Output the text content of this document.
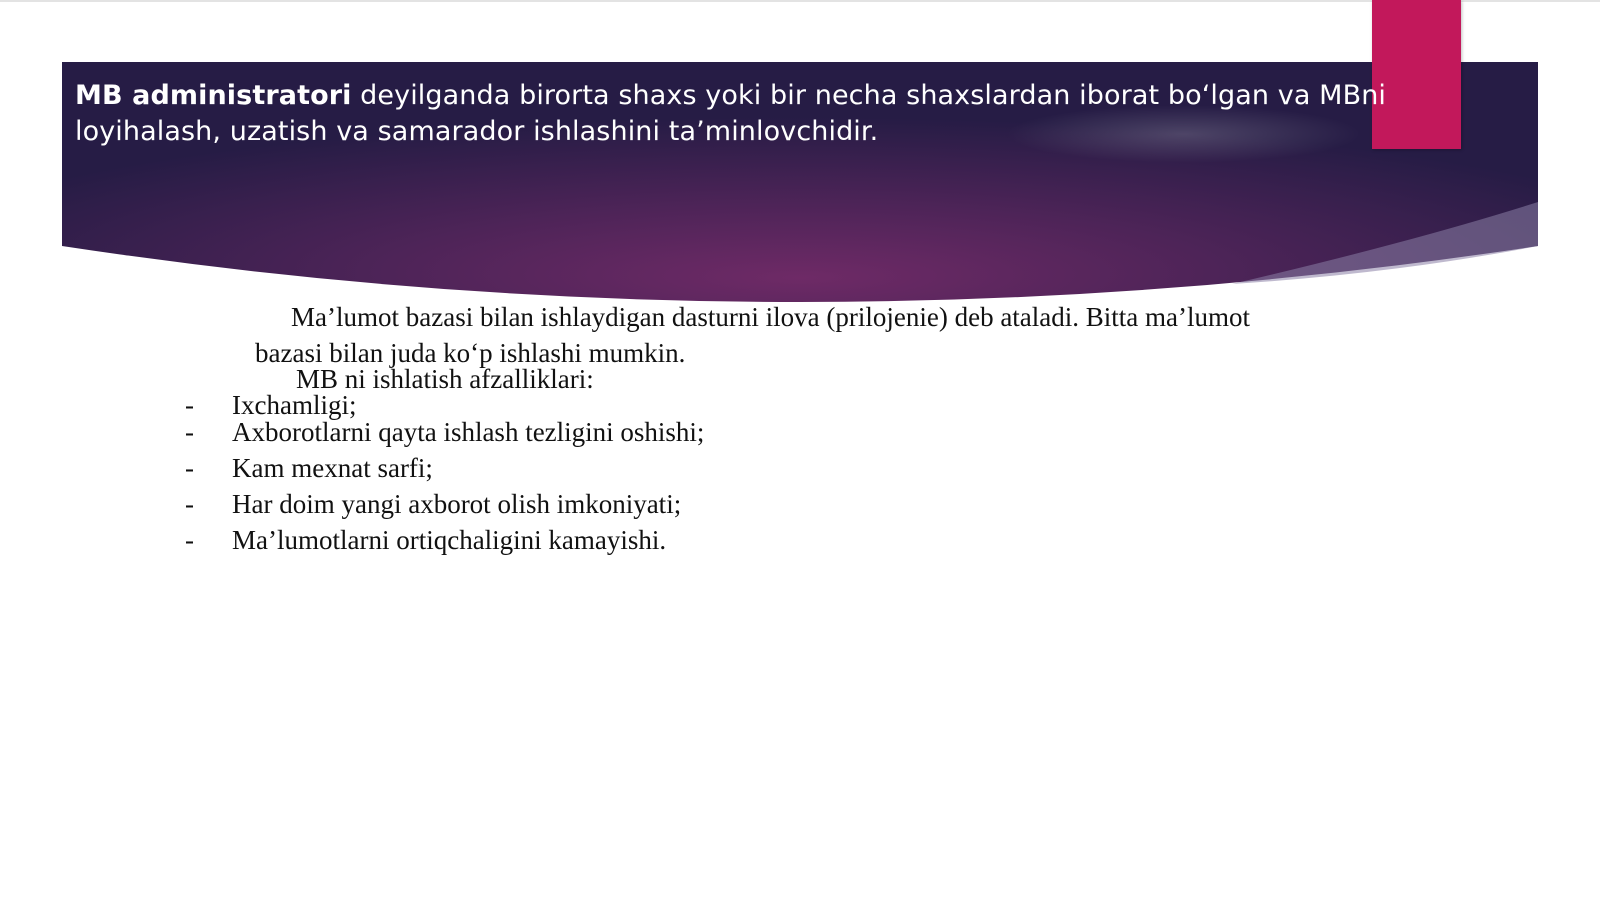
MB administratori deyilganda birorta shaxs yoki bir necha shaxslardan iborat bo‘lgan va MBni loyihalash, uzatish va samarador ishlashini ta’minlovchidir.
Ma’lumot bazasi bilan ishlaydigan dasturni ilova (prilojenie) deb ataladi. Bitta ma’lumot
bazasi bilan juda ko‘p ishlashi mumkin.
MB ni ishlatish afzalliklari:
- Ixchamligi;
- Axborotlarni qayta ishlash tezligini oshishi;
- Kam mexnat sarfi;
- Har doim yangi axborot olish imkoniyati;
- Ma’lumotlarni ortiqchaligini kamayishi.
